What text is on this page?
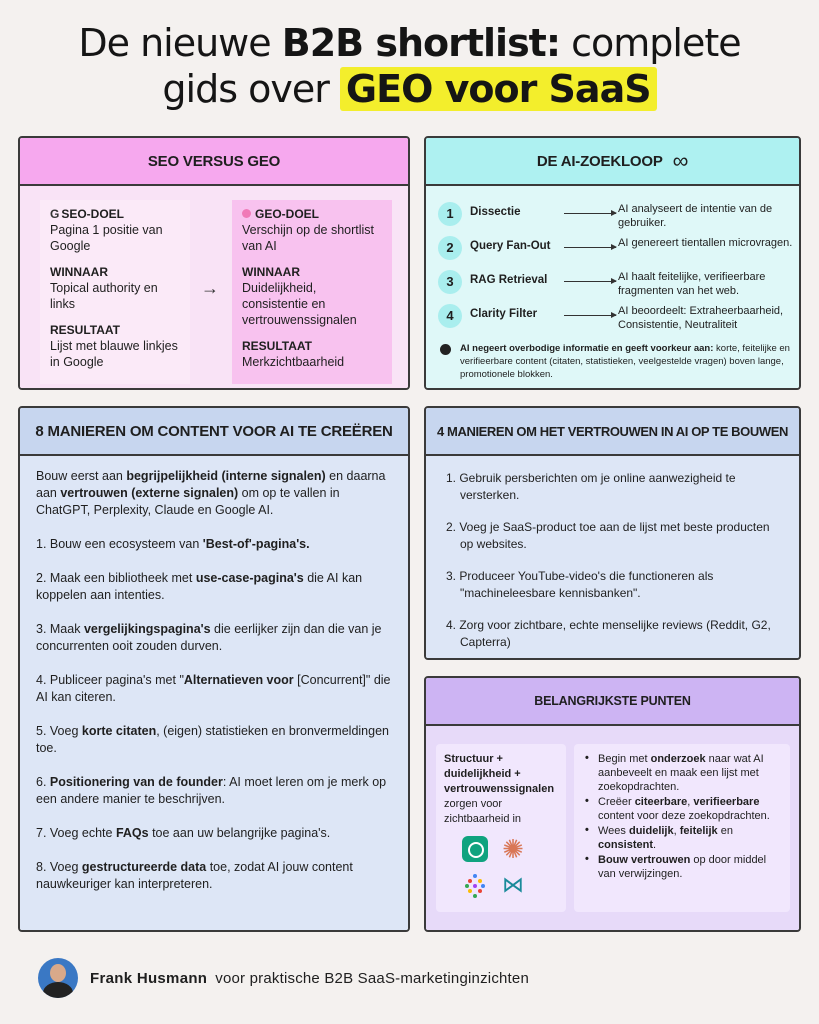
De nieuwe B2B shortlist: complete
gids over GEO voor SaaS
SEO VERSUS GEO
G SEO-DOEL
Pagina 1 positie van Google
WINNAAR
Topical authority en links
RESULTAAT
Lijst met blauwe linkjes in Google
→
GEO-DOEL
Verschijn op de shortlist van AI
WINNAAR
Duidelijkheid, consistentie en vertrouwenssignalen
RESULTAAT
Merkzichtbaarheid
DE AI-ZOEKLOOP ∞
1	Dissectie	AI analyseert de intentie van de gebruiker.
2	Query Fan-Out	AI genereert tientallen microvragen.
3	RAG Retrieval	AI haalt feitelijke, verifieerbare fragmenten van het web.
4	Clarity Filter	AI beoordeelt: Extraheerbaarheid, Consistentie, Neutraliteit
AI negeert overbodige informatie en geeft voorkeur aan: korte, feitelijke en verifieerbare content (citaten, statistieken, veelgestelde vragen) boven lange, promotionele blokken.
8 MANIEREN OM CONTENT VOOR AI TE CREËREN
Bouw eerst aan begrijpelijkheid (interne signalen) en daarna aan vertrouwen (externe signalen) om op te vallen in ChatGPT, Perplexity, Claude en Google AI.
1. Bouw een ecosysteem van 'Best-of'-pagina's.
2. Maak een bibliotheek met use-case-pagina's die AI kan koppelen aan intenties.
3. Maak vergelijkingspagina's die eerlijker zijn dan die van je concurrenten ooit zouden durven.
4. Publiceer pagina's met "Alternatieven voor [Concurrent]" die AI kan citeren.
5. Voeg korte citaten, (eigen) statistieken en bronvermeldingen toe.
6. Positionering van de founder: AI moet leren om je merk op een andere manier te beschrijven.
7. Voeg echte FAQs toe aan uw belangrijke pagina's.
8. Voeg gestructureerde data toe, zodat AI jouw content nauwkeuriger kan interpreteren.
4 MANIEREN OM HET VERTROUWEN IN AI OP TE BOUWEN
1. Gebruik persberichten om je online aanwezigheid te versterken.
2. Voeg je SaaS-product toe aan de lijst met beste producten op websites.
3. Produceer YouTube-video's die functioneren als "machineleesbare kennisbanken".
4. Zorg voor zichtbare, echte menselijke reviews (Reddit, G2, Capterra)
BELANGRIJKSTE PUNTEN
Structuur + duidelijkheid + vertrouwenssignalen zorgen voor zichtbaarheid in
✺
⋈
• Begin met onderzoek naar wat AI aanbeveelt en maak een lijst met zoekopdrachten.
• Creëer citeerbare, verifieerbare content voor deze zoekopdrachten.
• Wees duidelijk, feitelijk en consistent.
• Bouw vertrouwen op door middel van verwijzingen.
Frank Husmann voor praktische B2B SaaS-marketinginzichten
